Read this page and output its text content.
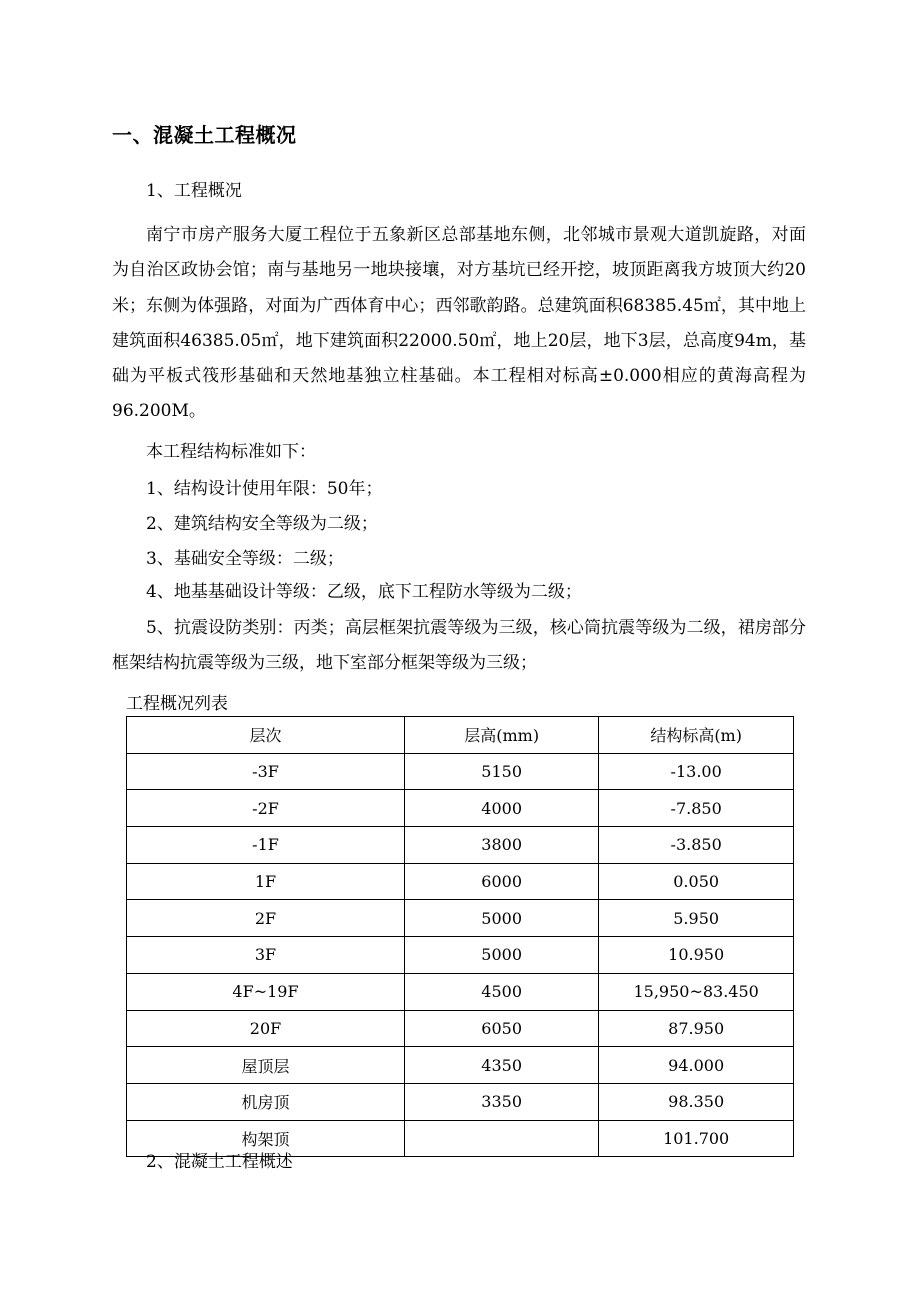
一、混凝土工程概况
1、工程概况
南宁市房产服务大厦工程位于五象新区总部基地东侧，北邻城市景观大道凯旋路，对面为自治区政协会馆；南与基地另一地块接壤，对方基坑已经开挖，坡顶距离我方坡顶大约20米；东侧为体强路，对面为广西体育中心；西邻歌韵路。总建筑面积68385.45㎡，其中地上建筑面积46385.05㎡，地下建筑面积22000.50㎡，地上20层，地下3层，总高度94m，基础为平板式筏形基础和天然地基独立柱基础。本工程相对标高±0.000相应的黄海高程为96.200M。
本工程结构标准如下：
1、结构设计使用年限：50年；
2、建筑结构安全等级为二级；
3、基础安全等级：二级；
4、地基基础设计等级：乙级，底下工程防水等级为二级；
5、抗震设防类别：丙类；高层框架抗震等级为三级，核心筒抗震等级为二级，裙房部分框架结构抗震等级为三级，地下室部分框架等级为三级；
工程概况列表
层次	层高(mm)	结构标高(m)
-3F	5150	-13.00
-2F	4000	-7.850
-1F	3800	-3.850
1F	6000	0.050
2F	5000	5.950
3F	5000	10.950
4F~19F	4500	15,950~83.450
20F	6050	87.950
屋顶层	4350	94.000
机房顶	3350	98.350
构架顶		101.700
2、混凝土工程概述
